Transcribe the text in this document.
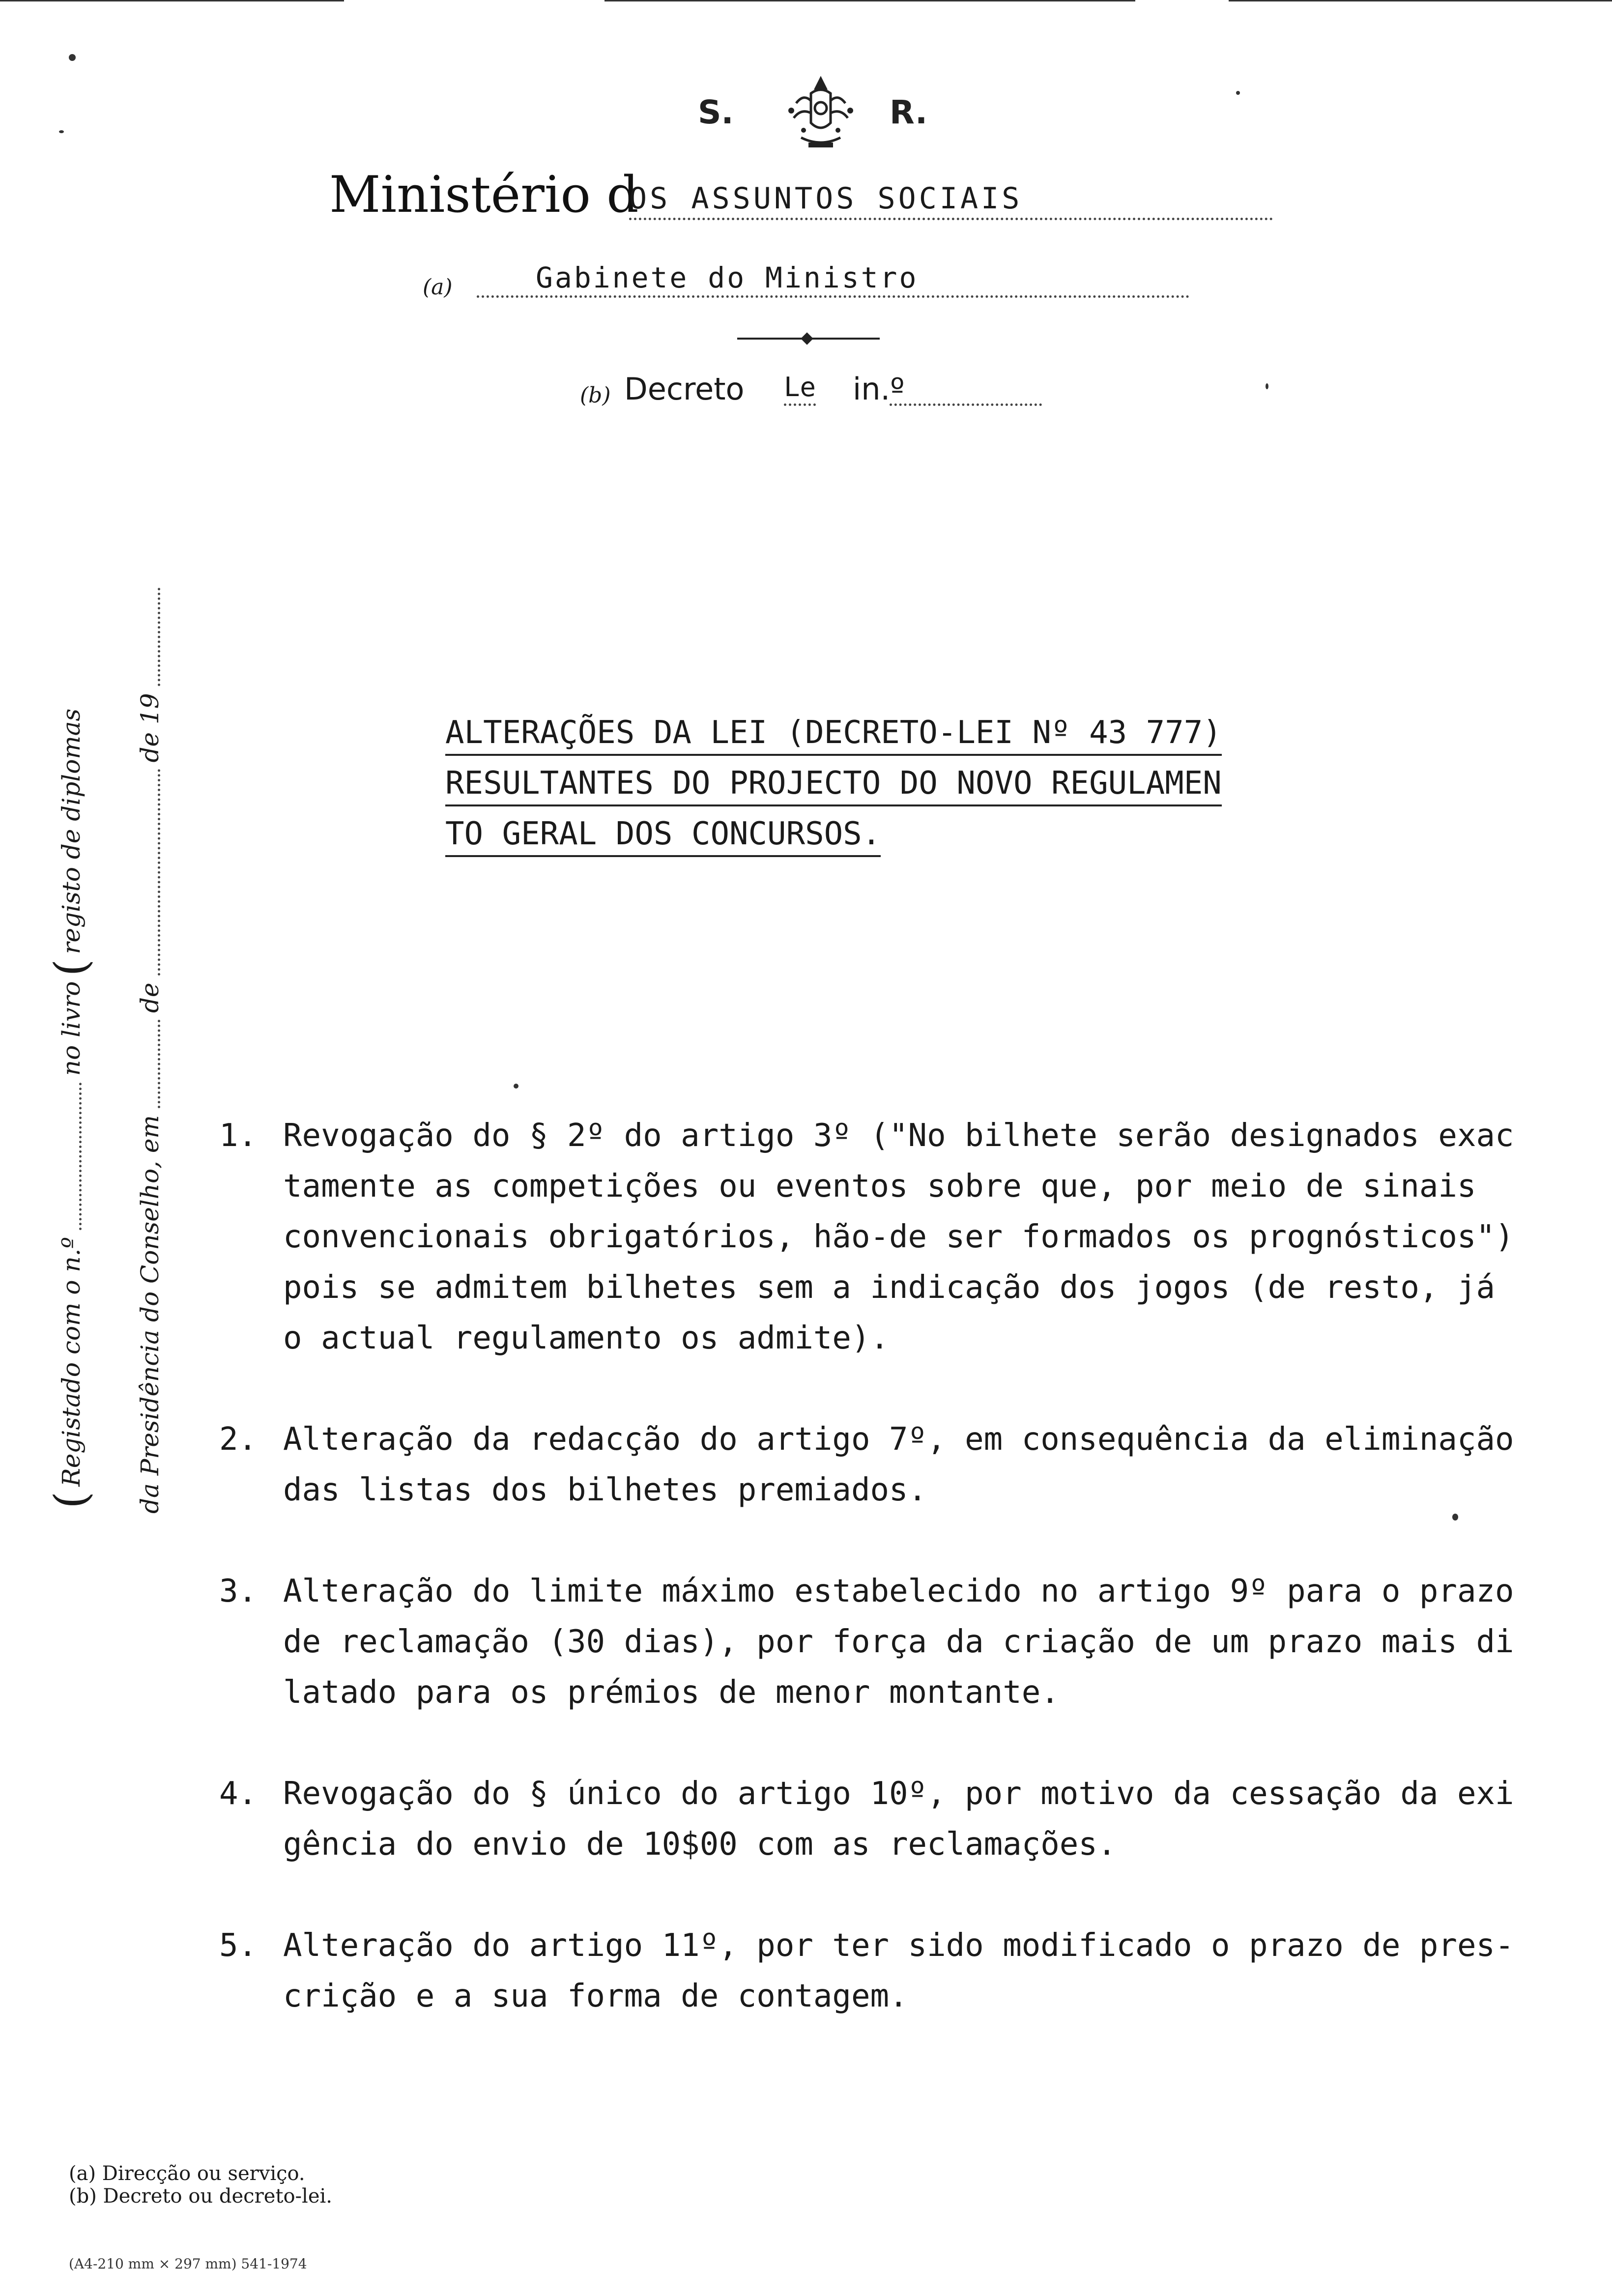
S.	R.
Ministério d
OS ASSUNTOS SOCIAIS
(a)	Gabinete do Ministro
(b) Decreto Le in.º
(
Registado com o n.º
no livro
(
registo de diplomas
da Presidência do Conselho, em
de
de 19	ALTERAÇÕES DA LEI (DECRETO-LEI Nº 43 777)
RESULTANTES DO PROJECTO DO NOVO REGULAMEN
TO GERAL DOS CONCURSOS.
1. Revogação do § 2º do artigo 3º ("No bilhete serão designados exac
tamente as competições ou eventos sobre que, por meio de sinais
convencionais obrigatórios, hão-de ser formados os prognósticos")
pois se admitem bilhetes sem a indicação dos jogos (de resto, já
o actual regulamento os admite).
2. Alteração da redacção do artigo 7º, em consequência da eliminação
das listas dos bilhetes premiados.
3. Alteração do limite máximo estabelecido no artigo 9º para o prazo
de reclamação (30 dias), por força da criação de um prazo mais di
latado para os prémios de menor montante.
4. Revogação do § único do artigo 10º, por motivo da cessação da exi
gência do envio de 10$00 com as reclamações.
5. Alteração do artigo 11º, por ter sido modificado o prazo de pres-
crição e a sua forma de contagem.
(a) Direcção ou serviço.
(b) Decreto ou decreto-lei.
(A4-210 mm × 297 mm) 541-1974
